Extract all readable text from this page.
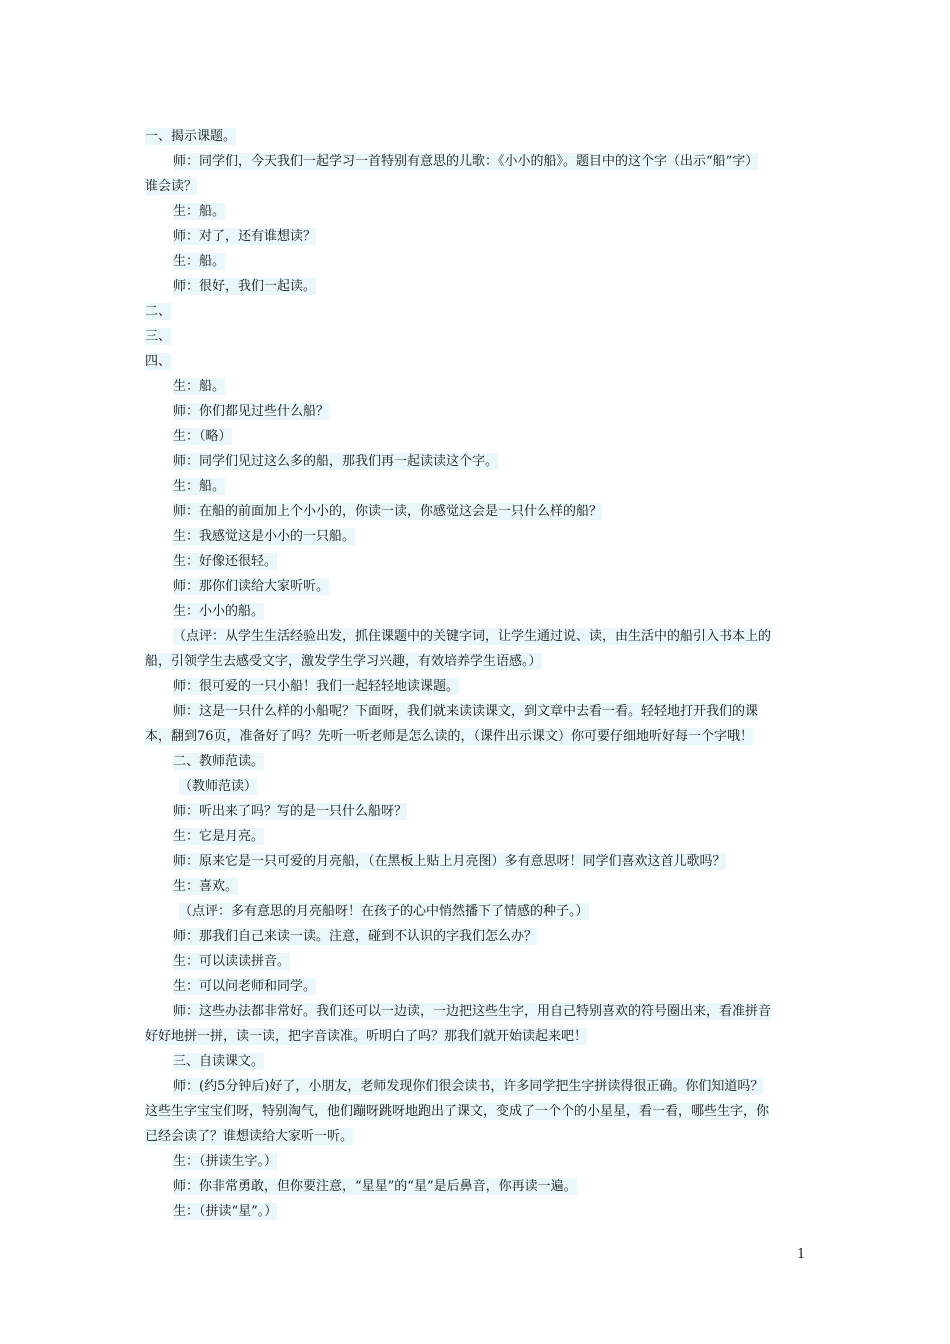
一、揭示课题。
师：同学们，今天我们一起学习一首特别有意思的儿歌：《小小的船》。题目中的这个字（出示“船”字）
谁会读？
生：船。
师：对了，还有谁想读？
生：船。
师：很好，我们一起读。
二、
三、
四、
生：船。
师：你们都见过些什么船？
生：（略）
师：同学们见过这么多的船，那我们再一起读读这个字。
生：船。
师：在船的前面加上个小小的，你读一读，你感觉这会是一只什么样的船？
生：我感觉这是小小的一只船。
生：好像还很轻。
师：那你们读给大家听听。
生：小小的船。
（点评：从学生生活经验出发，抓住课题中的关键字词，让学生通过说、读，由生活中的船引入书本上的
船，引领学生去感受文字，激发学生学习兴趣，有效培养学生语感。）
师：很可爱的一只小船！我们一起轻轻地读课题。
师：这是一只什么样的小船呢？下面呀，我们就来读读课文，到文章中去看一看。轻轻地打开我们的课
本，翻到76页，准备好了吗？先听一听老师是怎么读的，（课件出示课文）你可要仔细地听好每一个字哦！
二、教师范读。
（教师范读）
师：听出来了吗？写的是一只什么船呀？
生：它是月亮。
师：原来它是一只可爱的月亮船，（在黑板上贴上月亮图）多有意思呀！同学们喜欢这首儿歌吗？
生：喜欢。
（点评：多有意思的月亮船呀！在孩子的心中悄然播下了情感的种子。）
师：那我们自己来读一读。注意，碰到不认识的字我们怎么办？
生：可以读读拼音。
生：可以问老师和同学。
师：这些办法都非常好。我们还可以一边读，一边把这些生字，用自己特别喜欢的符号圈出来，看准拼音
好好地拼一拼，读一读，把字音读准。听明白了吗？那我们就开始读起来吧！
三、自读课文。
师：(约5分钟后)好了，小朋友，老师发现你们很会读书，许多同学把生字拼读得很正确。你们知道吗？
这些生字宝宝们呀，特别淘气，他们蹦呀跳呀地跑出了课文，变成了一个个的小星星，看一看，哪些生字，你
已经会读了？谁想读给大家听一听。
生：（拼读生字。）
师：你非常勇敢，但你要注意，“星星”的“星”是后鼻音，你再读一遍。
生：（拼读“星”。）
1
